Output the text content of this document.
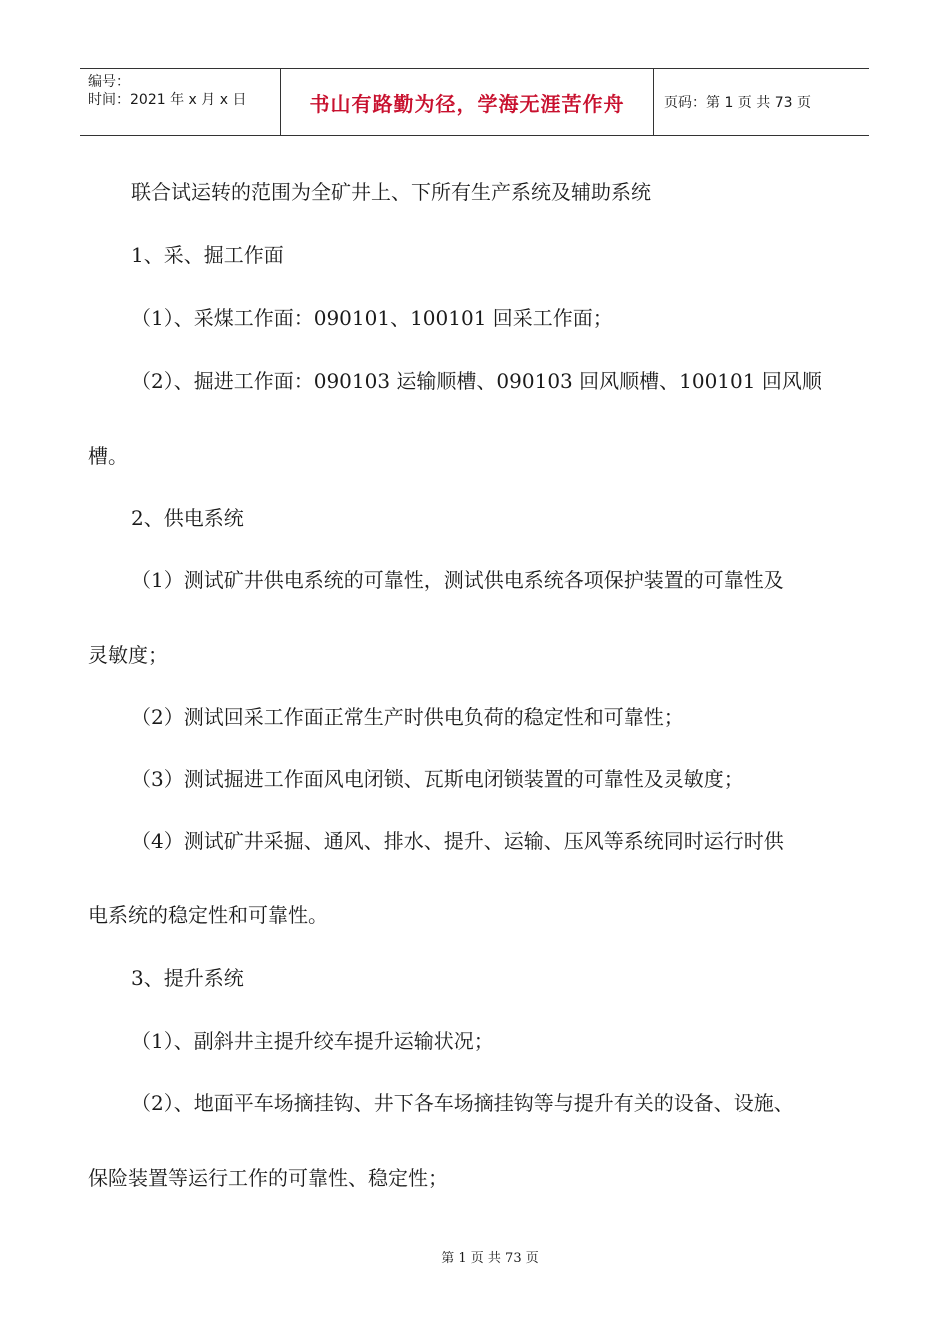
编号：
时间：2021 年 x 月 x 日	书山有路勤为径，学海无涯苦作舟	页码：第 1 页 共 73 页

联合试运转的范围为全矿井上、下所有生产系统及辅助系统

1、采、掘工作面

（1）、采煤工作面：090101、100101 回采工作面；

（2）、掘进工作面：090103 运输顺槽、090103 回风顺槽、100101 回风顺

槽。

2、供电系统

（1）测试矿井供电系统的可靠性，测试供电系统各项保护装置的可靠性及

灵敏度；

（2）测试回采工作面正常生产时供电负荷的稳定性和可靠性；

（3）测试掘进工作面风电闭锁、瓦斯电闭锁装置的可靠性及灵敏度；

（4）测试矿井采掘、通风、排水、提升、运输、压风等系统同时运行时供

电系统的稳定性和可靠性。

3、提升系统

（1）、副斜井主提升绞车提升运输状况；

（2）、地面平车场摘挂钩、井下各车场摘挂钩等与提升有关的设备、设施、

保险装置等运行工作的可靠性、稳定性；

第 1 页 共 73 页
